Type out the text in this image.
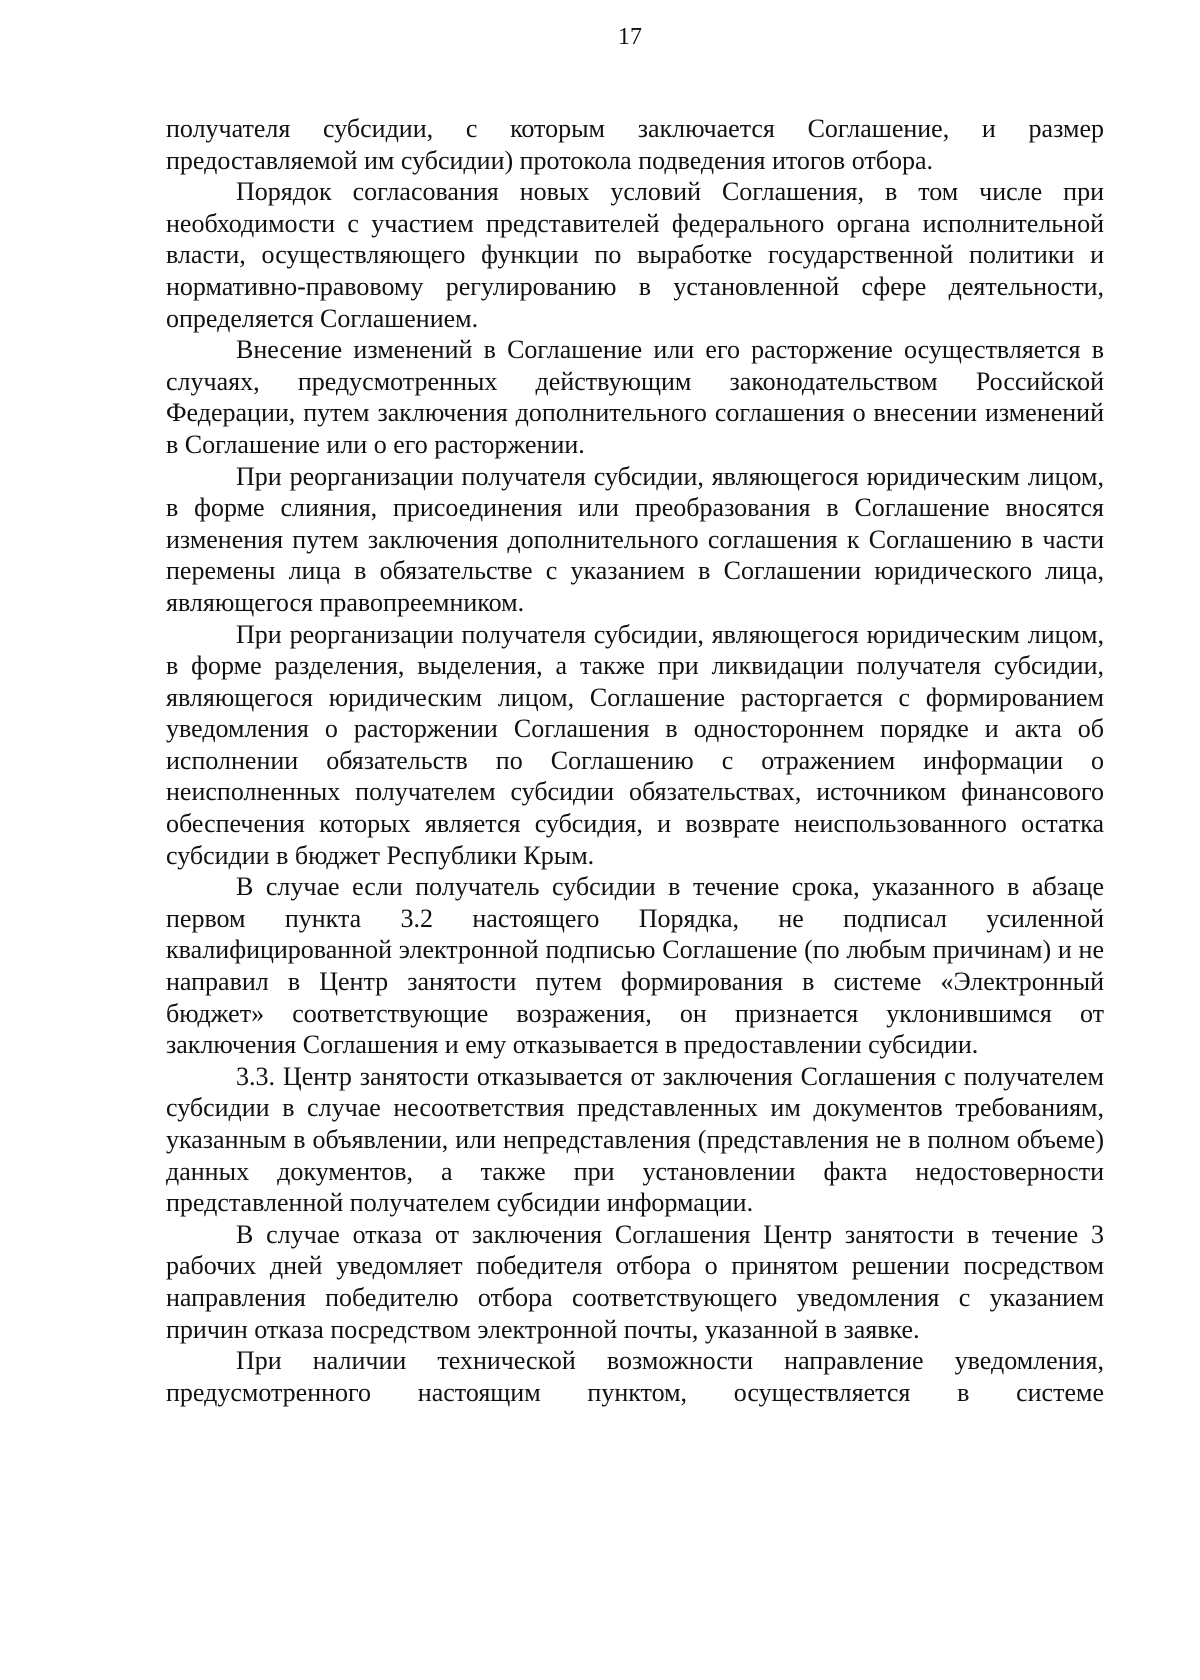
17

получателя субсидии, с которым заключается Соглашение, и размер предоставляемой им субсидии) протокола подведения итогов отбора.

Порядок согласования новых условий Соглашения, в том числе при необходимости с участием представителей федерального органа исполнительной власти, осуществляющего функции по выработке государственной политики и нормативно-правовому регулированию в установленной сфере деятельности, определяется Соглашением.

Внесение изменений в Соглашение или его расторжение осуществляется в случаях, предусмотренных действующим законодательством Российской Федерации, путем заключения дополнительного соглашения о внесении изменений в Соглашение или о его расторжении.

При реорганизации получателя субсидии, являющегося юридическим лицом, в форме слияния, присоединения или преобразования в Соглашение вносятся изменения путем заключения дополнительного соглашения к Соглашению в части перемены лица в обязательстве с указанием в Соглашении юридического лица, являющегося правопреемником.

При реорганизации получателя субсидии, являющегося юридическим лицом, в форме разделения, выделения, а также при ликвидации получателя субсидии, являющегося юридическим лицом, Соглашение расторгается с формированием уведомления о расторжении Соглашения в одностороннем порядке и акта об исполнении обязательств по Соглашению с отражением информации о неисполненных получателем субсидии обязательствах, источником финансового обеспечения которых является субсидия, и возврате неиспользованного остатка субсидии в бюджет Республики Крым.

В случае если получатель субсидии в течение срока, указанного в абзаце первом пункта 3.2 настоящего Порядка, не подписал усиленной квалифицированной электронной подписью Соглашение (по любым причинам) и не направил в Центр занятости путем формирования в системе «Электронный бюджет» соответствующие возражения, он признается уклонившимся от заключения Соглашения и ему отказывается в предоставлении субсидии.

3.3. Центр занятости отказывается от заключения Соглашения с получателем субсидии в случае несоответствия представленных им документов требованиям, указанным в объявлении, или непредставления (представления не в полном объеме) данных документов, а также при установлении факта недостоверности представленной получателем субсидии информации.

В случае отказа от заключения Соглашения Центр занятости в течение 3 рабочих дней уведомляет победителя отбора о принятом решении посредством направления победителю отбора соответствующего уведомления с указанием причин отказа посредством электронной почты, указанной в заявке.

При наличии технической возможности направление уведомления, предусмотренного настоящим пунктом, осуществляется в системе
